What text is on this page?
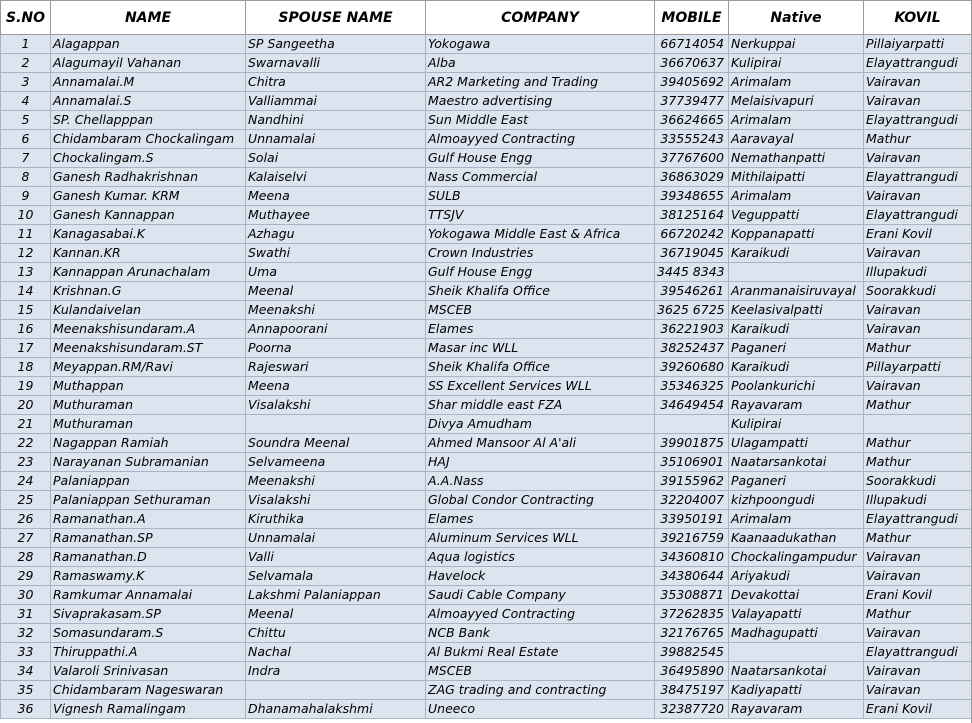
S.NO	NAME	SPOUSE NAME	COMPANY	MOBILE	Native	KOVIL
1	Alagappan	SP Sangeetha	Yokogawa	66714054	Nerkuppai	Pillaiyarpatti
2	Alagumayil Vahanan	Swarnavalli	Alba	36670637	Kulipirai	Elayattrangudi
3	Annamalai.M	Chitra	AR2 Marketing and Trading	39405692	Arimalam	Vairavan
4	Annamalai.S	Valliammai	Maestro advertising	37739477	Melaisivapuri	Vairavan
5	SP. Chellapppan	Nandhini	Sun Middle East	36624665	Arimalam	Elayattrangudi
6	Chidambaram Chockalingam	Unnamalai	Almoayyed Contracting	33555243	Aaravayal	Mathur
7	Chockalingam.S	Solai	Gulf House Engg	37767600	Nemathanpatti	Vairavan
8	Ganesh Radhakrishnan	Kalaiselvi	Nass Commercial	36863029	Mithilaipatti	Elayattrangudi
9	Ganesh Kumar. KRM	Meena	SULB	39348655	Arimalam	Vairavan
10	Ganesh Kannappan	Muthayee	TTSJV	38125164	Veguppatti	Elayattrangudi
11	Kanagasabai.K	Azhagu	Yokogawa Middle East & Africa	66720242	Koppanapatti	Erani Kovil
12	Kannan.KR	Swathi	Crown Industries	36719045	Karaikudi	Vairavan
13	Kannappan Arunachalam	Uma	Gulf House Engg	3445 8343		Illupakudi
14	Krishnan.G	Meenal	Sheik Khalifa Office	39546261	Aranmanaisiruvayal	Soorakkudi
15	Kulandaivelan	Meenakshi	MSCEB	3625 6725	Keelasivalpatti	Vairavan
16	Meenakshisundaram.A	Annapoorani	Elames	36221903	Karaikudi	Vairavan
17	Meenakshisundaram.ST	Poorna	Masar inc WLL	38252437	Paganeri	Mathur
18	Meyappan.RM/Ravi	Rajeswari	Sheik Khalifa Office	39260680	Karaikudi	Pillayarpatti
19	Muthappan	Meena	SS Excellent Services WLL	35346325	Poolankurichi	Vairavan
20	Muthuraman	Visalakshi	Shar middle east FZA	34649454	Rayavaram	Mathur
21	Muthuraman		Divya Amudham		Kulipirai	
22	Nagappan Ramiah	Soundra Meenal	Ahmed Mansoor Al A'ali	39901875	Ulagampatti	Mathur
23	Narayanan Subramanian	Selvameena	HAJ	35106901	Naatarsankotai	Mathur
24	Palaniappan	Meenakshi	A.A.Nass	39155962	Paganeri	Soorakkudi
25	Palaniappan Sethuraman	Visalakshi	Global Condor Contracting	32204007	kizhpoongudi	Illupakudi
26	Ramanathan.A	Kiruthika	Elames	33950191	Arimalam	Elayattrangudi
27	Ramanathan.SP	Unnamalai	Aluminum Services WLL	39216759	Kaanaadukathan	Mathur
28	Ramanathan.D	Valli	Aqua logistics	34360810	Chockalingampudur	Vairavan
29	Ramaswamy.K	Selvamala	Havelock	34380644	Ariyakudi	Vairavan
30	Ramkumar Annamalai	Lakshmi Palaniappan	Saudi Cable Company	35308871	Devakottai	Erani Kovil
31	Sivaprakasam.SP	Meenal	Almoayyed Contracting	37262835	Valayapatti	Mathur
32	Somasundaram.S	Chittu	NCB Bank	32176765	Madhagupatti	Vairavan
33	Thiruppathi.A	Nachal	Al Bukmi Real Estate	39882545		Elayattrangudi
34	Valaroli Srinivasan	Indra	MSCEB	36495890	Naatarsankotai	Vairavan
35	Chidambaram Nageswaran		ZAG trading and contracting	38475197	Kadiyapatti	Vairavan
36	Vignesh Ramalingam	Dhanamahalakshmi	Uneeco	32387720	Rayavaram	Erani Kovil
